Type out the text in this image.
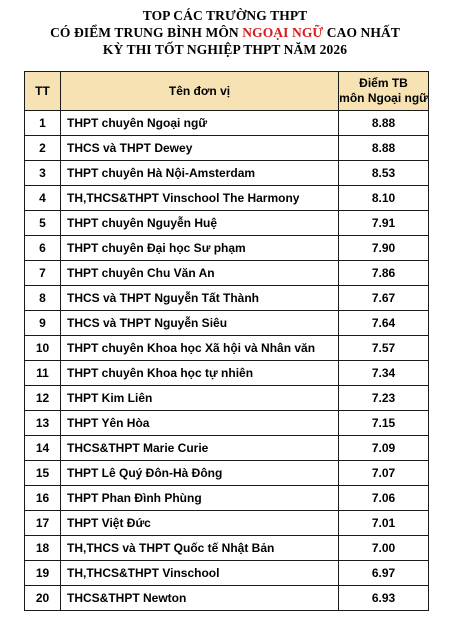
TOP CÁC TRƯỜNG THPT
CÓ ĐIỂM TRUNG BÌNH MÔN NGOẠI NGỮ CAO NHẤT
KỲ THI TỐT NGHIỆP THPT NĂM 2026
TT	Tên đơn vị	Điểm TB
môn Ngoại ngữ

1	THPT chuyên Ngoại ngữ	8.88
2	THCS và THPT Dewey	8.88
3	THPT chuyên Hà Nội-Amsterdam	8.53
4	TH,THCS&THPT Vinschool The Harmony	8.10
5	THPT chuyên Nguyễn Huệ	7.91
6	THPT chuyên Đại học Sư phạm	7.90
7	THPT chuyên Chu Văn An	7.86
8	THCS và THPT Nguyễn Tất Thành	7.67
9	THCS và THPT Nguyễn Siêu	7.64
10	THPT chuyên Khoa học Xã hội và Nhân văn	7.57
11	THPT chuyên Khoa học tự nhiên	7.34
12	THPT Kim Liên	7.23
13	THPT Yên Hòa	7.15
14	THCS&THPT Marie Curie	7.09
15	THPT Lê Quý Đôn-Hà Đông	7.07
16	THPT Phan Đình Phùng	7.06
17	THPT Việt Đức	7.01
18	TH,THCS và THPT Quốc tế Nhật Bản	7.00
19	TH,THCS&THPT Vinschool	6.97
20	THCS&THPT Newton	6.93
